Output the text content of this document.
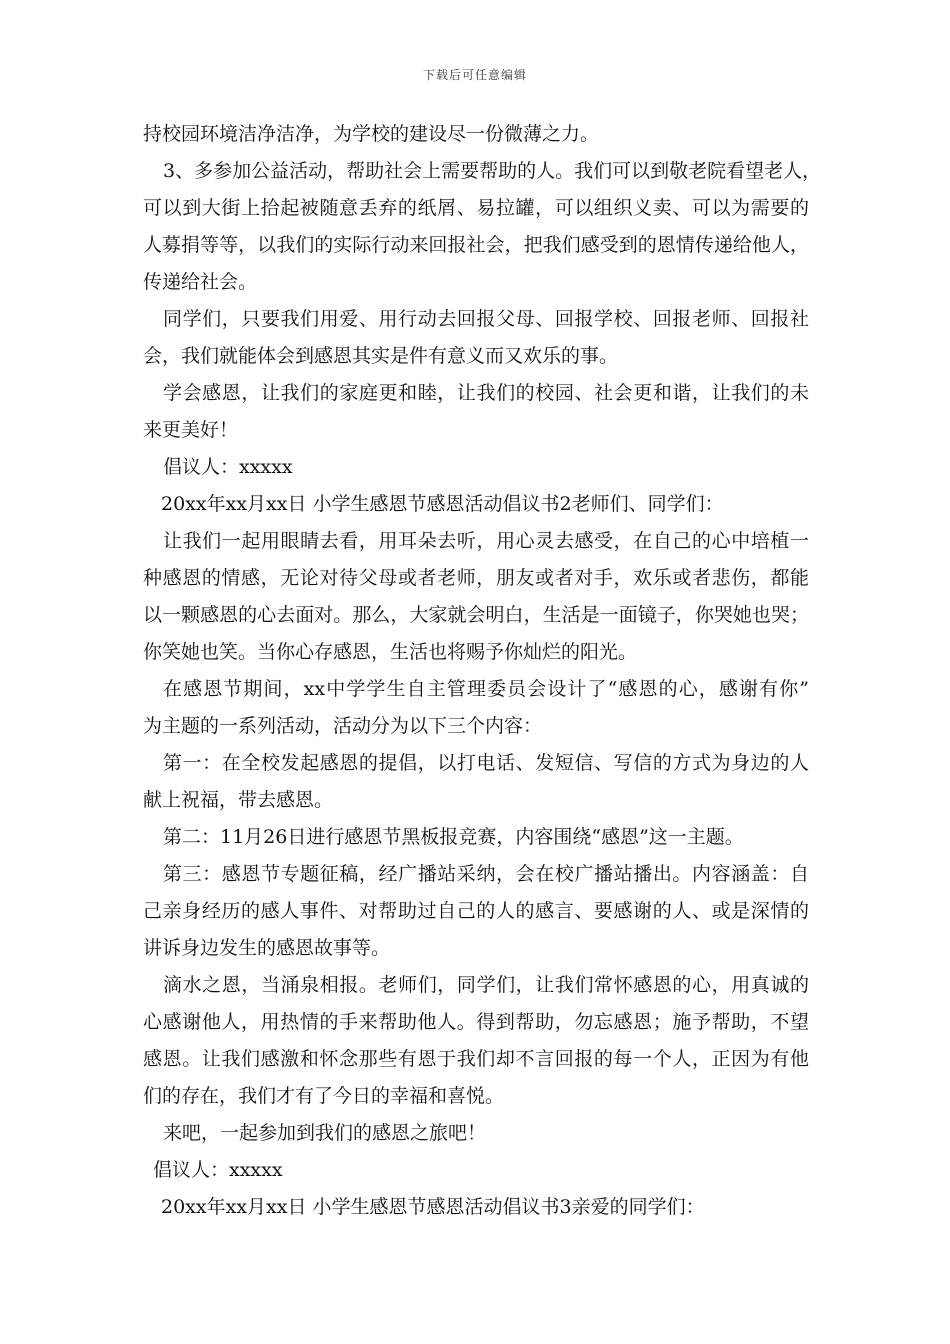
下载后可任意编辑
持校园环境洁净洁净，为学校的建设尽一份微薄之力。
3、多参加公益活动，帮助社会上需要帮助的人。我们可以到敬老院看望老人，
可以到大街上拾起被随意丢弃的纸屑、易拉罐，可以组织义卖、可以为需要的
人募捐等等，以我们的实际行动来回报社会，把我们感受到的恩情传递给他人，
传递给社会。
同学们，只要我们用爱、用行动去回报父母、回报学校、回报老师、回报社
会，我们就能体会到感恩其实是件有意义而又欢乐的事。
学会感恩，让我们的家庭更和睦，让我们的校园、社会更和谐，让我们的未
来更美好！
倡议人：xxxxx
20xx年xx月xx日 小学生感恩节感恩活动倡议书2老师们、同学们：
让我们一起用眼睛去看，用耳朵去听，用心灵去感受，在自己的心中培植一
种感恩的情感，无论对待父母或者老师，朋友或者对手，欢乐或者悲伤，都能
以一颗感恩的心去面对。那么，大家就会明白，生活是一面镜子，你哭她也哭；
你笑她也笑。当你心存感恩，生活也将赐予你灿烂的阳光。
在感恩节期间，xx中学学生自主管理委员会设计了“感恩的心，感谢有你”
为主题的一系列活动，活动分为以下三个内容：
第一：在全校发起感恩的提倡，以打电话、发短信、写信的方式为身边的人
献上祝福，带去感恩。
第二：11月26日进行感恩节黑板报竞赛，内容围绕“感恩”这一主题。
第三：感恩节专题征稿，经广播站采纳，会在校广播站播出。内容涵盖：自
己亲身经历的感人事件、对帮助过自己的人的感言、要感谢的人、或是深情的
讲诉身边发生的感恩故事等。
滴水之恩，当涌泉相报。老师们，同学们，让我们常怀感恩的心，用真诚的
心感谢他人，用热情的手来帮助他人。得到帮助，勿忘感恩；施予帮助，不望
感恩。让我们感激和怀念那些有恩于我们却不言回报的每一个人，正因为有他
们的存在，我们才有了今日的幸福和喜悦。
来吧，一起参加到我们的感恩之旅吧！
倡议人：xxxxx
20xx年xx月xx日 小学生感恩节感恩活动倡议书3亲爱的同学们：
